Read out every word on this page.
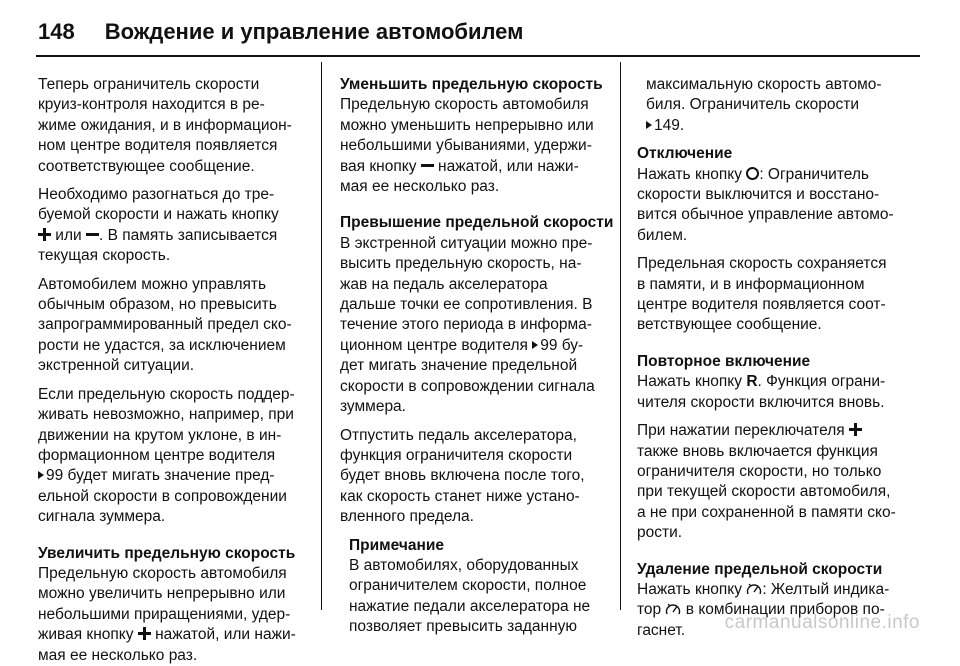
148 Вождение и управление автомобилем
Теперь ограничитель скорости
круиз-контроля находится в ре-
жиме ожидания, и в информацион-
ном центре водителя появляется
соответствующее сообщение.
Необходимо разогнаться до тре-
буемой скорости и нажать кнопку
или . В память записывается
текущая скорость.
Автомобилем можно управлять
обычным образом, но превысить
запрограммированный предел ско-
рости не удастся, за исключением
экстренной ситуации.
Если предельную скорость поддер-
живать невозможно, например, при
движении на крутом уклоне, в ин-
формационном центре водителя
99 будет мигать значение пред-
ельной скорости в сопровождении
сигнала зуммера.
Увеличить предельную скорость
Предельную скорость автомобиля
можно увеличить непрерывно или
небольшими приращениями, удер-
живая кнопку  нажатой, или нажи-
мая ее несколько раз.
Уменьшить предельную скорость
Предельную скорость автомобиля
можно уменьшить непрерывно или
небольшими убываниями, удержи-
вая кнопку  нажатой, или нажи-
мая ее несколько раз.
Превышение предельной скорости
В экстренной ситуации можно пре-
высить предельную скорость, на-
жав на педаль акселератора
дальше точки ее сопротивления. В
течение этого периода в информа-
ционном центре водителя 99 бу-
дет мигать значение предельной
скорости в сопровождении сигнала
зуммера.
Отпустить педаль акселератора,
функция ограничителя скорости
будет вновь включена после того,
как скорость станет ниже устано-
вленного предела.
Примечание
В автомобилях, оборудованных
ограничителем скорости, полное
нажатие педали акселератора не
позволяет превысить заданную
максимальную скорость автомо-
биля. Ограничитель скорости
149.
Отключение
Нажать кнопку : Ограничитель
скорости выключится и восстано-
вится обычное управление автомо-
билем.
Предельная скорость сохраняется
в памяти, и в информационном
центре водителя появляется соот-
ветствующее сообщение.
Повторное включение
Нажать кнопку R. Функция ограни-
чителя скорости включится вновь.
При нажатии переключателя
также вновь включается функция
ограничителя скорости, но только
при текущей скорости автомобиля,
а не при сохраненной в памяти ско-
рости.
Удаление предельной скорости
Нажать кнопку : Желтый индика-
тор  в комбинации приборов по-
гаснет.	carmanualsonline.info
